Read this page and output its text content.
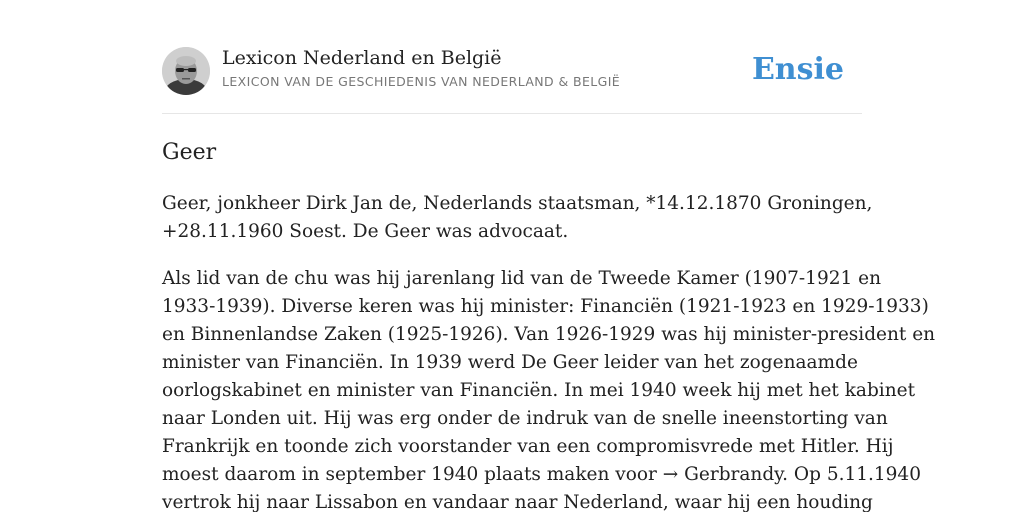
Lexicon Nederland en België
LEXICON VAN DE GESCHIEDENIS VAN NEDERLAND & BELGIË	Ensie
Geer

Geer, jonkheer Dirk Jan de, Nederlands staatsman, *14.12.1870 Groningen,
+28.11.1960 Soest. De Geer was advocaat.

Als lid van de chu was hij jarenlang lid van de Tweede Kamer (1907-1921 en
1933-1939). Diverse keren was hij minister: Financiën (1921-1923 en 1929-1933)
en Binnenlandse Zaken (1925-1926). Van 1926-1929 was hij minister-president en
minister van Financiën. In 1939 werd De Geer leider van het zogenaamde
oorlogskabinet en minister van Financiën. In mei 1940 week hij met het kabinet
naar Londen uit. Hij was erg onder de indruk van de snelle ineenstorting van
Frankrijk en toonde zich voorstander van een compromisvrede met Hitler. Hij
moest daarom in september 1940 plaats maken voor → Gerbrandy. Op 5.11.1940
vertrok hij naar Lissabon en vandaar naar Nederland, waar hij een houding
